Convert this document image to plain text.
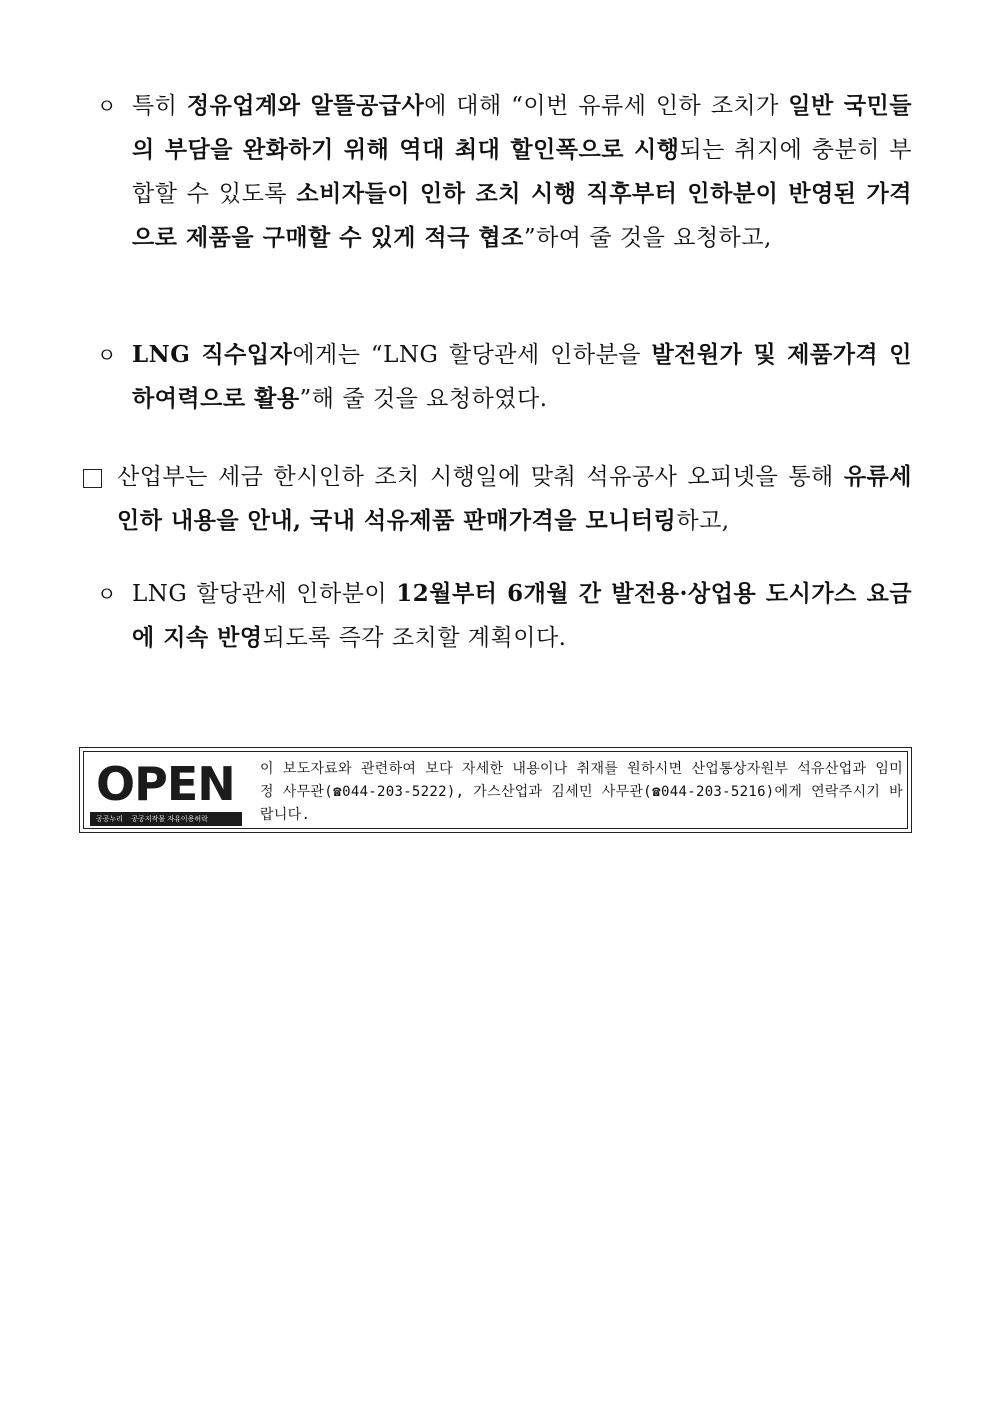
ㅇ 특히 정유업계와 알뜰공급사에 대해 “이번 유류세 인하 조치가 일반 국민들의 부담을 완화하기 위해 역대 최대 할인폭으로 시행되는 취지에 충분히 부합할 수 있도록 소비자들이 인하 조치 시행 직후부터 인하분이 반영된 가격으로 제품을 구매할 수 있게 적극 협조”하여 줄 것을 요청하고,
ㅇ LNG 직수입자에게는 “LNG 할당관세 인하분을 발전원가 및 제품가격 인하여력으로 활용”해 줄 것을 요청하였다.
산업부는 세금 한시인하 조치 시행일에 맞춰 석유공사 오피넷을 통해 유류세 인하 내용을 안내, 국내 석유제품 판매가격을 모니터링하고,
ㅇ LNG 할당관세 인하분이 12월부터 6개월 간 발전용·상업용 도시가스 요금에 지속 반영되도록 즉각 조치할 계획이다.
OPEN
공공누리 공공저작물 자유이용허락
이 보도자료와 관련하여 보다 자세한 내용이나 취재를 원하시면 산업통상자원부 석유산업과 임미정 사무관(☎044-203-5222), 가스산업과 김세민 사무관(☎044-203-5216)에게 연락주시기 바랍니다.
